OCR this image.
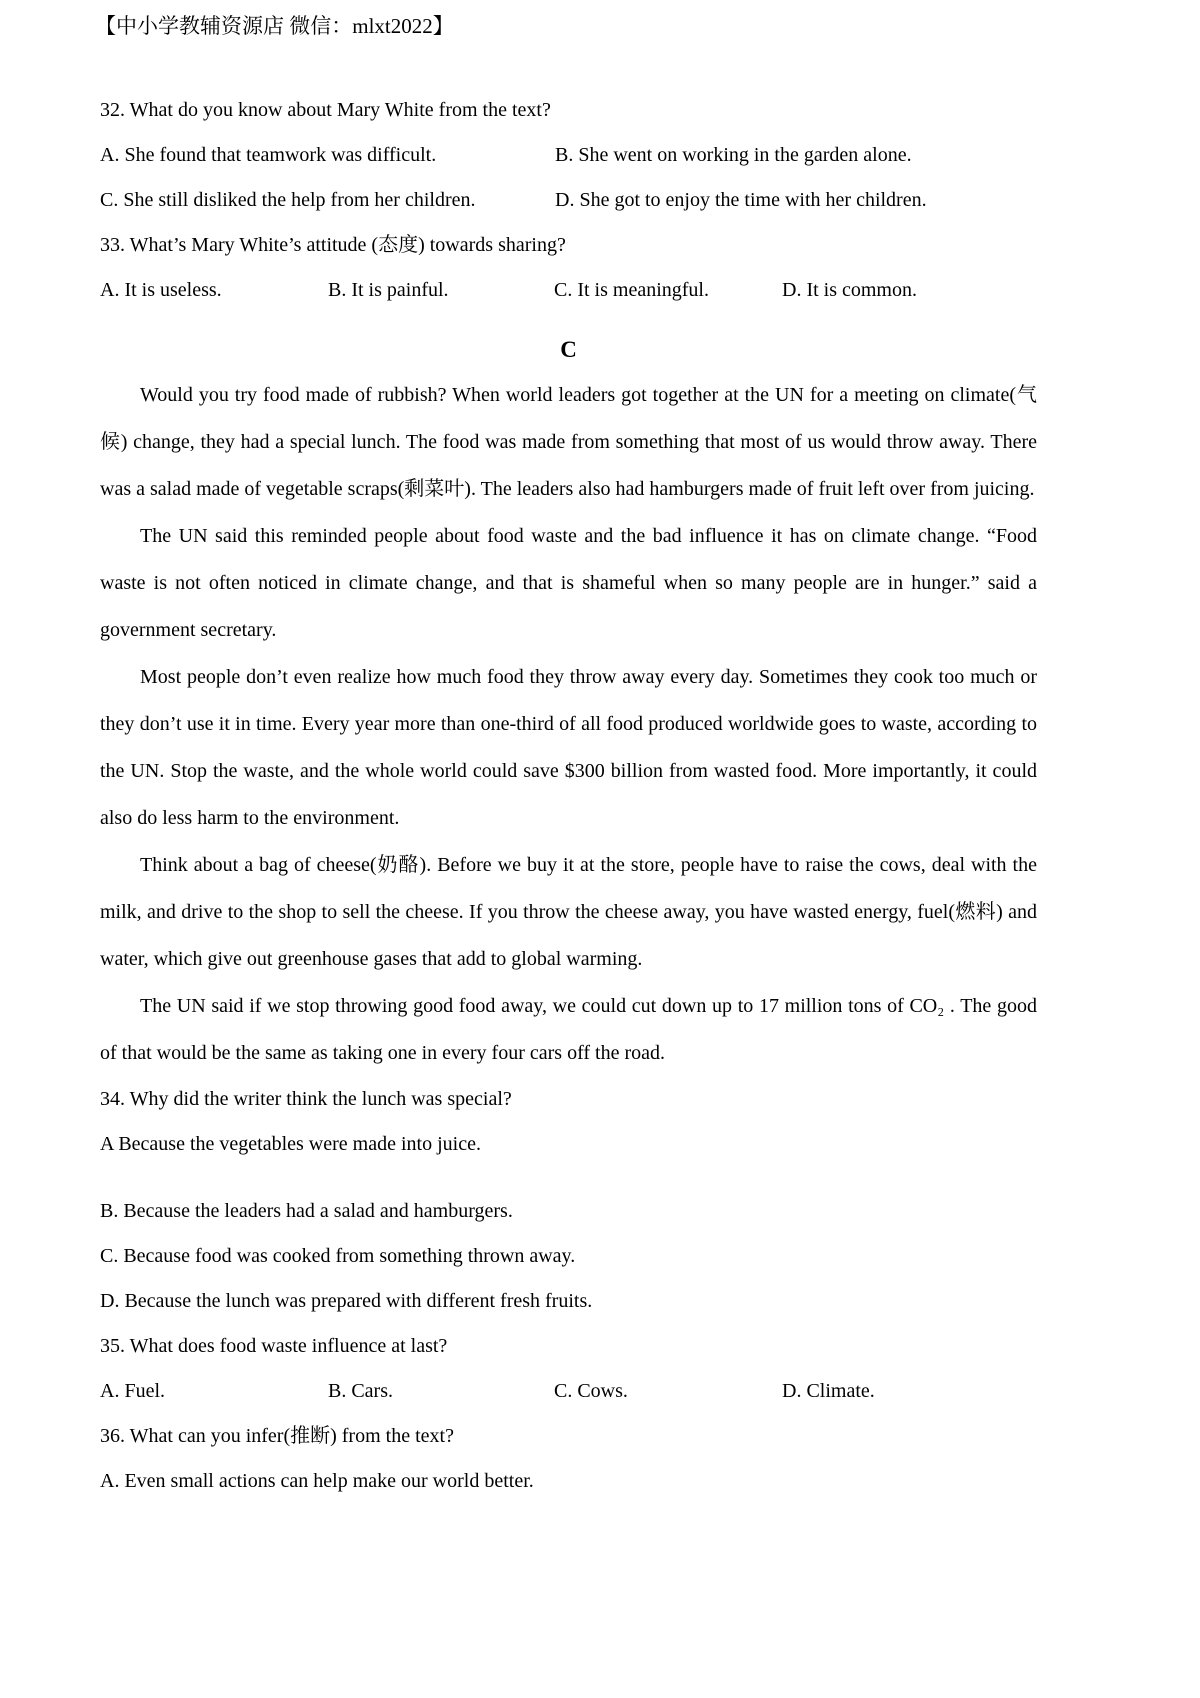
【中小学教辅资源店 微信：mlxt2022】
32. What do you know about Mary White from the text?
A. She found that teamwork was difficult.	B. She went on working in the garden alone.
C. She still disliked the help from her children.	D. She got to enjoy the time with her children.
33. What’s Mary White’s attitude (态度) towards sharing?
A. It is useless.	B. It is painful.	C. It is meaningful.	D. It is common.
C

Would you try food made of rubbish? When world leaders got together at the UN for a meeting on climate(气候) change, they had a special lunch. The food was made from something that most of us would throw away. There was a salad made of vegetable scraps(剩菜叶). The leaders also had hamburgers made of fruit left over from juicing.

The UN said this reminded people about food waste and the bad influence it has on climate change. “Food waste is not often noticed in climate change, and that is shameful when so many people are in hunger.” said a government secretary.

Most people don’t even realize how much food they throw away every day. Sometimes they cook too much or they don’t use it in time. Every year more than one-third of all food produced worldwide goes to waste, according to the UN. Stop the waste, and the whole world could save $300 billion from wasted food. More importantly, it could also do less harm to the environment.

Think about a bag of cheese(奶酪). Before we buy it at the store, people have to raise the cows, deal with the milk, and drive to the shop to sell the cheese. If you throw the cheese away, you have wasted energy, fuel(燃料) and water, which give out greenhouse gases that add to global warming.

The UN said if we stop throwing good food away, we could cut down up to 17 million tons of CO₂ . The good of that would be the same as taking one in every four cars off the road.

34. Why did the writer think the lunch was special?
A Because the vegetables were made into juice.
B. Because the leaders had a salad and hamburgers.
C. Because food was cooked from something thrown away.
D. Because the lunch was prepared with different fresh fruits.
35. What does food waste influence at last?
A. Fuel.	B. Cars.	C. Cows.	D. Climate.
36. What can you infer(推断) from the text?
A. Even small actions can help make our world better.
